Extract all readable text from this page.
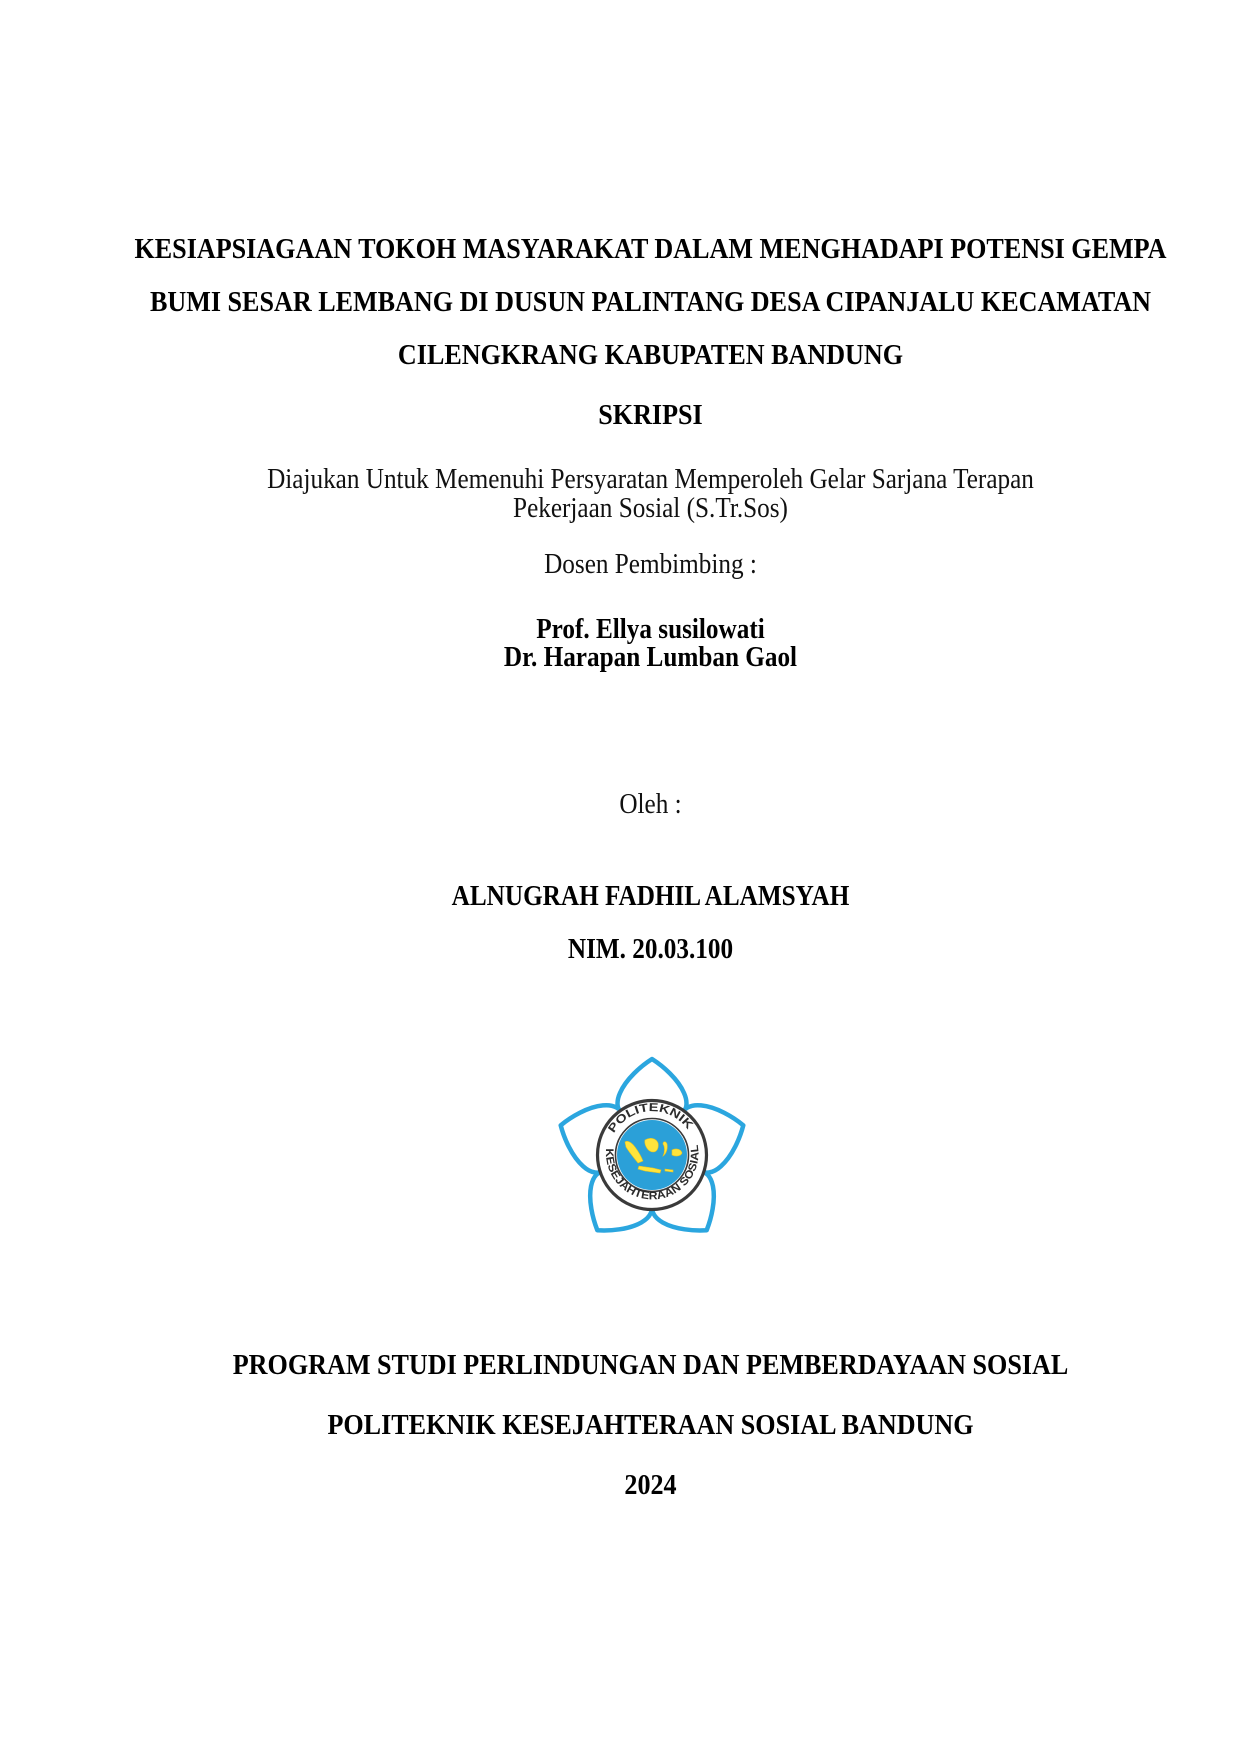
KESIAPSIAGAAN TOKOH MASYARAKAT DALAM MENGHADAPI POTENSI GEMPA
BUMI SESAR LEMBANG DI DUSUN PALINTANG DESA CIPANJALU KECAMATAN
CILENGKRANG KABUPATEN BANDUNG
SKRIPSI
Diajukan Untuk Memenuhi Persyaratan Memperoleh Gelar Sarjana Terapan
Pekerjaan Sosial (S.Tr.Sos)
Dosen Pembimbing :
Prof. Ellya susilowati
Dr. Harapan Lumban Gaol
Oleh :
ALNUGRAH FADHIL ALAMSYAH
NIM. 20.03.100
POLITEKNIK
KESEJAHTERAAN SOSIAL
PROGRAM STUDI PERLINDUNGAN DAN PEMBERDAYAAN SOSIAL
POLITEKNIK KESEJAHTERAAN SOSIAL BANDUNG
2024
